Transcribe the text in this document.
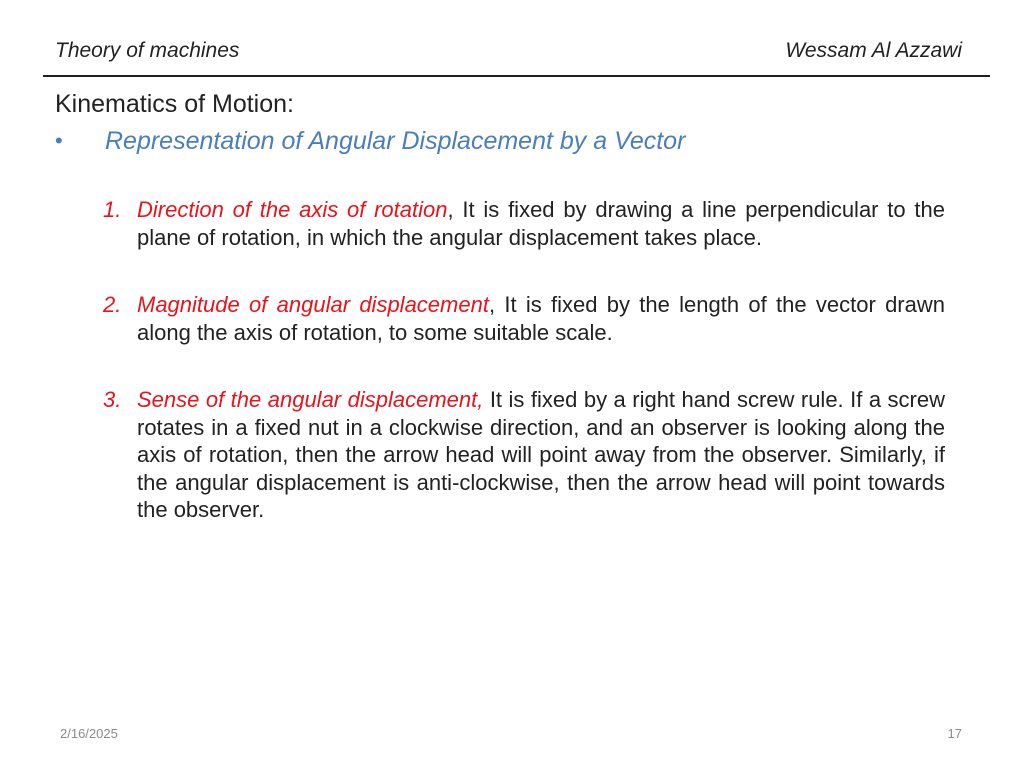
Theory of machines	Wessam Al Azzawi
Kinematics of Motion:
•	Representation of Angular Displacement by a Vector
1. Direction of the axis of rotation, It is fixed by drawing a line perpendicular to the plane of rotation, in which the angular displacement takes place.
2. Magnitude of angular displacement, It is fixed by the length of the vector drawn along the axis of rotation, to some suitable scale.
3. Sense of the angular displacement, It is fixed by a right hand screw rule. If a screw rotates in a fixed nut in a clockwise direction, and an observer is looking along the axis of rotation, then the arrow head will point away from the observer. Similarly, if the angular displacement is anti-clockwise, then the arrow head will point towards the observer.
2/16/2025	17
